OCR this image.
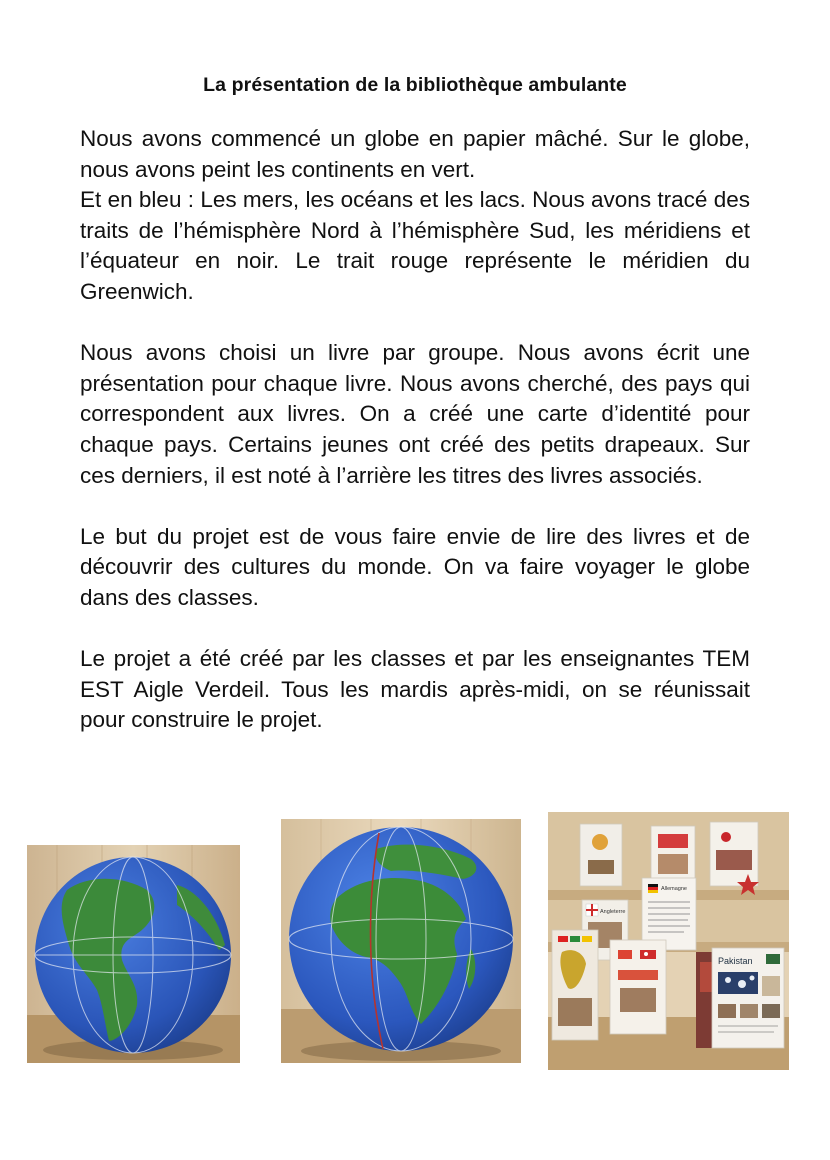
La présentation de la bibliothèque ambulante

Nous avons commencé un globe en papier mâché. Sur le globe, nous avons peint les continents en vert.

Et en bleu : Les mers, les océans et les lacs. Nous avons tracé des traits de l’hémisphère Nord à l’hémisphère Sud, les méridiens et l’équateur en noir. Le trait rouge représente le méridien du Greenwich.

Nous avons choisi un livre par groupe. Nous avons écrit une présentation pour chaque livre. Nous avons cherché, des pays qui correspondent aux livres. On a créé une carte d’identité pour chaque pays. Certains jeunes ont créé des petits drapeaux. Sur ces derniers, il est noté à l’arrière les titres des livres associés.

Le but du projet est de vous faire envie de lire des livres et de découvrir des cultures du monde. On va faire voyager le globe dans des classes.

Le projet a été créé par les classes et par les enseignantes TEM EST Aigle Verdeil. Tous les mardis après-midi, on se réunissait pour construire le projet.

Angleterre
Allemagne
Pakistan
